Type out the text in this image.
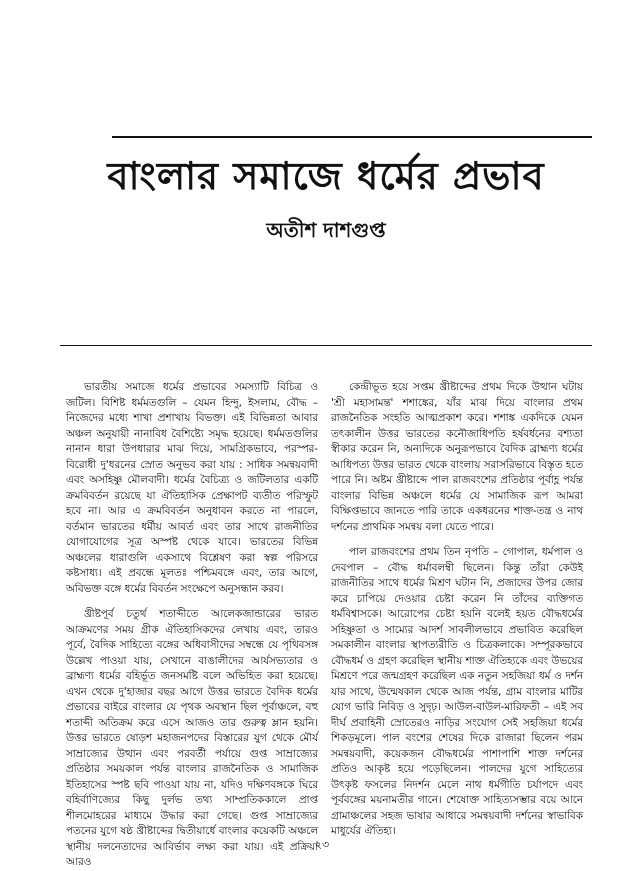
বাংলার সমাজে ধর্মের প্রভাব
অতীশ দাশগুপ্ত

ভারতীয় সমাজে ধর্মের প্রভাবের সমস্যাটি বিচিত্র ও জটিল। বিশিষ্ট ধর্মমতগুলি – যেমন হিন্দু, ইসলাম, বৌদ্ধ – নিজেদের মধ্যে শাখা প্রশাখায় বিভক্ত। এই বিভিন্নতা আবার অঞ্চল অনুযায়ী নানাবিধ বৈশিষ্ট্যে সমৃদ্ধ হয়েছে। ধর্মমতগুলির নানান ধারা উপধারার মাঝ দিয়ে, সামগ্রিকভাবে, পরস্পর-বিরোধী দু'ধরনের স্রোত অনুভব করা যায় : সাধিক সমন্বয়বাদী এবং অসহিষ্ণু মৌলবাদী। ধর্মের বৈচিত্র্য ও জটিলতার একটি ক্রমবিবর্তন রয়েছে যা ঐতিহাসিক প্রেক্ষাপট ব্যতীত পরিস্ফুট হবে না। আর এ ক্রমবিবর্তন অনুধাবন করতে না পারলে, বর্তমান ভারতের ধর্মীয় আবর্ত এবং তার সাথে রাজনীতির যোগাযোগের সূত্র অস্পষ্ট থেকে যাবে। ভারতের বিভিন্ন অঞ্চলের ধারাগুলি একসাথে বিশ্লেষণ করা স্বল্প পরিসরে কষ্টসাধ্য। এই প্রবন্ধে মূলতঃ পশ্চিমবঙ্গে এবং, তার আগে, অবিভক্ত বঙ্গে ধর্মের বিবর্তন সংক্ষেপে অনুসন্ধান করব।

খ্রীষ্টপূর্ব চতুর্থ শতাব্দীতে আলেকজান্ডারের ভারত আক্রমণের সময় গ্রীক ঐতিহাসিকদের লেখায় এবং, তারও পূর্বে, বৈদিক সাহিত্যে বঙ্গের অধিবাসীদের সম্বন্ধে যে পৃথিবসঙ্গ উল্লেখ পাওয়া যায়, সেখানে বাঙালীদের আর্যসভ্যতার ও ব্রাহ্মণ্য ধর্মের বহির্ভূত জনসমষ্টি বলে অভিহিত করা হয়েছে। এখন থেকে দু'হাজার বছর আগে উত্তর ভারতে বৈদিক ধর্মের প্রভাবের বাইরে বাংলার যে পৃথক অবস্থান ছিল পূর্বাঞ্চলে, বহু শতাব্দী অতিক্রম করে এসে আজও তার গুরুত্ব ম্লান হয়নি। উত্তর ভারতে ষোড়শ মহাজনপদের বিস্তারের যুগ থেকে মৌর্য সাম্রাজ্যের উত্থান এবং পরবর্তী পর্যায়ে গুপ্ত সাম্রাজ্যের প্রতিষ্ঠার সময়কাল পর্যন্ত বাংলার রাজনৈতিক ও সামাজিক ইতিহাসের স্পষ্ট ছবি পাওয়া যায় না, যদিও দক্ষিণবঙ্গকে ঘিরে বহির্বাণিজ্যের কিছু দুর্লভ তথ্য সাম্প্রতিককালে প্রাপ্ত শীলমোহরের মাধ্যমে উদ্ধার করা গেছে। গুপ্ত সাম্রাজ্যের পতনের যুগে ষষ্ঠ খ্রীষ্টাব্দের দ্বিতীয়ার্ধে বাংলার কয়েকটি অঞ্চলে স্থানীয় দলনেতাদের আবির্ভাব লক্ষ্য করা যায়। এই প্রক্রিয়া আরও

কেন্দ্রীভূত হয়ে সপ্তম খ্রীষ্টাব্দের প্রথম দিকে উত্থান ঘটায় 'শ্রী মহাসামন্ত' শশাঙ্কের, যাঁর মাঝ দিয়ে বাংলার প্রথম রাজনৈতিক সংহতি আত্মপ্রকাশ করে। শশাঙ্ক একদিকে যেমন তৎকালীন উত্তর ভারতের কনৌজাধিপতি হর্ষবর্ধনের বশ্যতা স্বীকার করেন নি, অন্যদিকে অনুরূপভাবে বৈদিক ব্রাহ্মণ্য ধর্মের আধিপত্য উত্তর ভারত থেকে বাংলায় সরাসরিভাবে বিস্তৃত হতে পারে নি। অষ্টম খ্রীষ্টাব্দে পাল রাজবংশের প্রতিষ্ঠার পূর্বাহ্ণ পর্যন্ত বাংলার বিভিন্ন অঞ্চলে ধর্মের যে সামাজিক রূপ আমরা বিক্ষিপ্তভাবে জানতে পারি তাকে একধরনের শাক্ত-তন্ত্র ও নাথ দর্শনের প্রাথমিক সমন্বয় বলা যেতে পারে।

পাল রাজবংশের প্রথম তিন নৃপতি – গোপাল, ধর্মপাল ও দেবপাল – বৌদ্ধ ধর্মাবলম্বী ছিলেন। কিন্তু তাঁরা কেউই রাজনীতির সাথে ধর্মের মিশ্রণ ঘটান নি, প্রজাদের উপর জোর করে চাপিয়ে দেওয়ার চেষ্টা করেন নি তাঁদের ব্যক্তিগত ধর্মবিশ্বাসকে। আরোপের চেষ্টা হয়নি বলেই হয়ত বৌদ্ধধর্মের সহিষ্ণুতা ও সাম্যের আদর্শ সাবলীলভাবে প্রভাবিত করেছিল সমকালীন বাংলার স্থাপত্যরীতি ও চিত্রকলাকে। সম্পূরকভাবে বৌদ্ধধর্ম ও গ্রহণ করেছিল স্থানীয় শাক্ত ঐতিহ্যকে এবং উভয়ের মিশ্রণে পরে জন্মগ্রহণ করেছিল এক নতুন সহজিয়া ধর্ম ও দর্শন যার সাথে, উন্মেষকাল থেকে আজ পর্যন্ত, গ্রাম বাংলার মাটির যোগ ভারি নিবিড় ও সুদৃঢ়। আউল-বাউল-মারিফতী – এই সব দীর্ঘ প্রবাহিনী স্রোতেরও নাড়ির সংযোগ সেই সহজিয়া ধর্মের শিকড়মূলে। পাল বংশের শেষের দিকে রাজারা ছিলেন পরম সমন্বয়বাদী, কয়েকজন বৌদ্ধধর্মের পাশাপাশি শাক্ত দর্শনের প্রতিও আকৃষ্ট হয়ে পড়েছিলেন। পালদের যুগে সাহিত্যের উৎকৃষ্ট ফসলের নিদর্শন মেলে নাথ ধর্মগীতি চর্যাপদে এবং পূর্ববঙ্গের ময়নামতীর গানে। শেষোক্ত সাহিত্যসম্ভার বয়ে আনে গ্রামাঞ্চলের সহজ ভাষার আধারে সমন্বয়বাদী দর্শনের স্বাভাবিক মাধুর্যের ঐতিহ্য।

২৩
